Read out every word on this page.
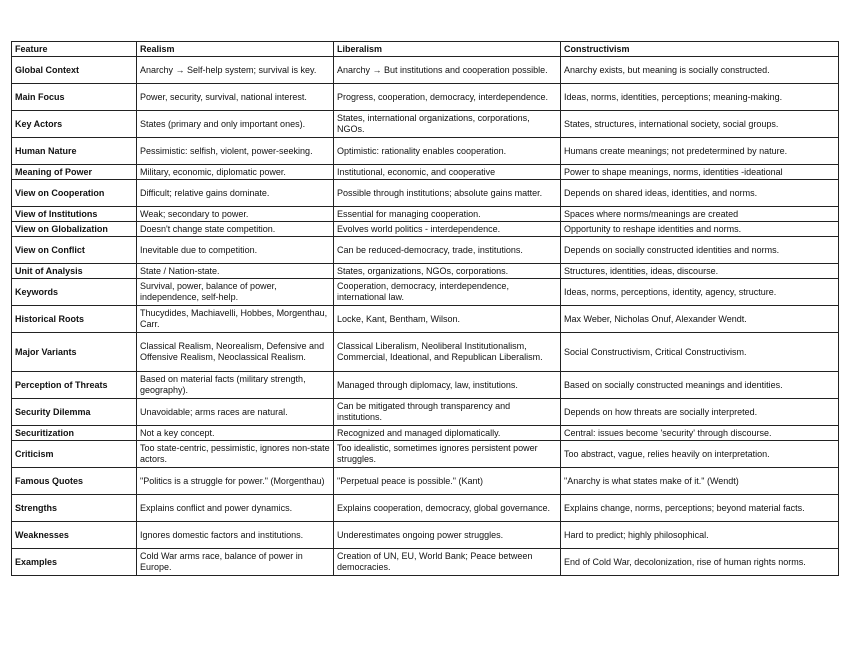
Feature	Realism	Liberalism	Constructivism
Global Context	Anarchy → Self-help system; survival is key.	Anarchy → But institutions and cooperation possible.	Anarchy exists, but meaning is socially constructed.
Main Focus	Power, security, survival, national interest.	Progress, cooperation, democracy, interdependence.	Ideas, norms, identities, perceptions; meaning-making.
Key Actors	States (primary and only important ones).	States, international organizations, corporations, NGOs.	States, structures, international society, social groups.
Human Nature	Pessimistic: selfish, violent, power-seeking.	Optimistic: rationality enables cooperation.	Humans create meanings; not predetermined by nature.
Meaning of Power	Military, economic, diplomatic power.	Institutional, economic, and cooperative	Power to shape meanings, norms, identities -ideational
View on Cooperation	Difficult; relative gains dominate.	Possible through institutions; absolute gains matter.	Depends on shared ideas, identities, and norms.
View of Institutions	Weak; secondary to power.	Essential for managing cooperation.	Spaces where norms/meanings are created
View on Globalization	Doesn't change state competition.	Evolves world politics - interdependence.	Opportunity to reshape identities and norms.
View on Conflict	Inevitable due to competition.	Can be reduced-democracy, trade, institutions.	Depends on socially constructed identities and norms.
Unit of Analysis	State / Nation-state.	States, organizations, NGOs, corporations.	Structures, identities, ideas, discourse.
Keywords	Survival, power, balance of power, independence, self-help.	Cooperation, democracy, interdependence, international law.	Ideas, norms, perceptions, identity, agency, structure.
Historical Roots	Thucydides, Machiavelli, Hobbes, Morgenthau, Carr.	Locke, Kant, Bentham, Wilson.	Max Weber, Nicholas Onuf, Alexander Wendt.
Major Variants	Classical Realism, Neorealism, Defensive and Offensive Realism, Neoclassical Realism.	Classical Liberalism, Neoliberal Institutionalism, Commercial, Ideational, and Republican Liberalism.	Social Constructivism, Critical Constructivism.
Perception of Threats	Based on material facts (military strength, geography).	Managed through diplomacy, law, institutions.	Based on socially constructed meanings and identities.
Security Dilemma	Unavoidable; arms races are natural.	Can be mitigated through transparency and institutions.	Depends on how threats are socially interpreted.
Securitization	Not a key concept.	Recognized and managed diplomatically.	Central: issues become 'security' through discourse.
Criticism	Too state-centric, pessimistic, ignores non-state actors.	Too idealistic, sometimes ignores persistent power struggles.	Too abstract, vague, relies heavily on interpretation.
Famous Quotes	"Politics is a struggle for power." (Morgenthau)	"Perpetual peace is possible." (Kant)	"Anarchy is what states make of it." (Wendt)
Strengths	Explains conflict and power dynamics.	Explains cooperation, democracy, global governance.	Explains change, norms, perceptions; beyond material facts.
Weaknesses	Ignores domestic factors and institutions.	Underestimates ongoing power struggles.	Hard to predict; highly philosophical.
Examples	Cold War arms race, balance of power in Europe.	Creation of UN, EU, World Bank; Peace between democracies.	End of Cold War, decolonization, rise of human rights norms.
